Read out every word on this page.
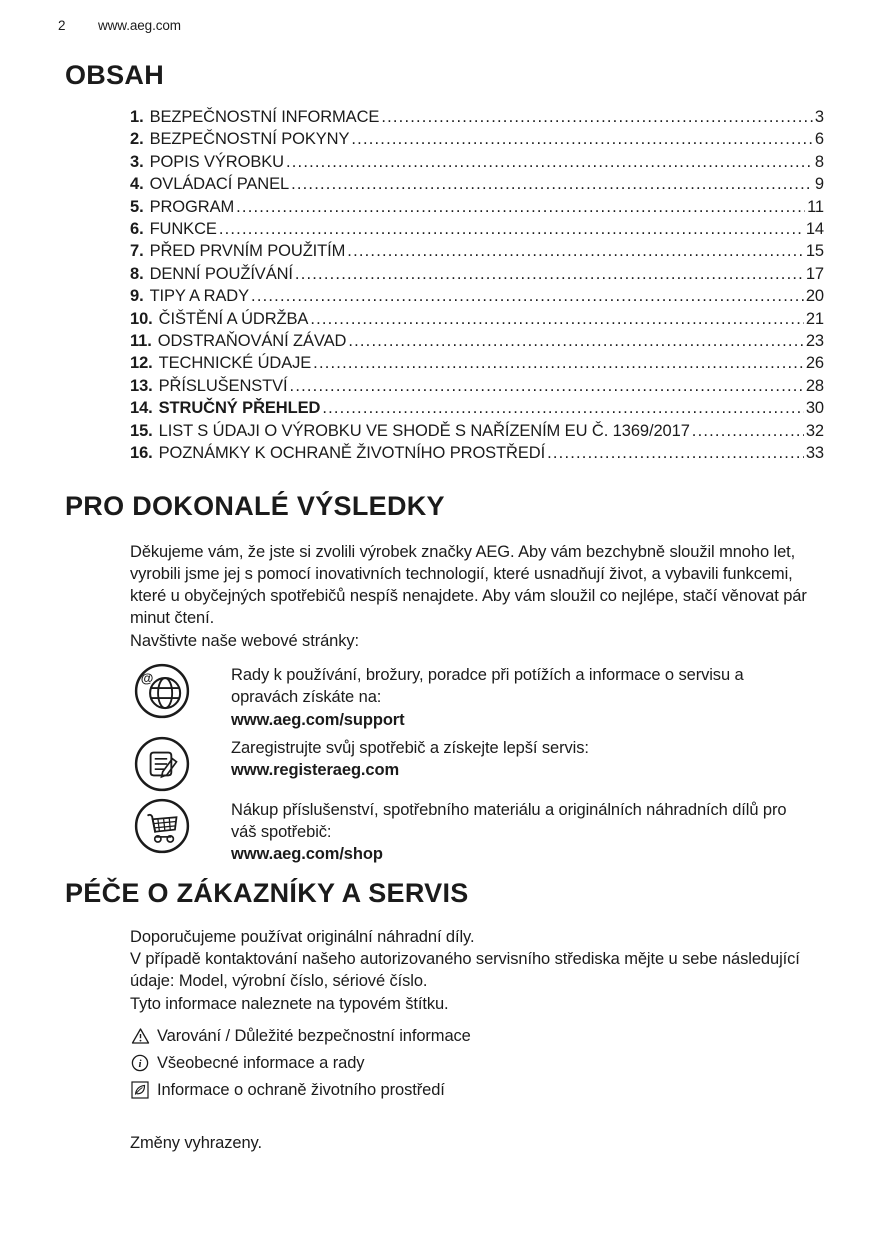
2	www.aeg.com
OBSAH
1. BEZPEČNOSTNÍ INFORMACE .....	3
2. BEZPEČNOSTNÍ POKYNY .....	6
3. POPIS VÝROBKU .....	8
4. OVLÁDACÍ PANEL .....	9
5. PROGRAM .....	11
6. FUNKCE .....	14
7. PŘED PRVNÍM POUŽITÍM .....	15
8. DENNÍ POUŽÍVÁNÍ .....	17
9. TIPY A RADY .....	20
10. ČIŠTĚNÍ A ÚDRŽBA .....	21
11. ODSTRAŇOVÁNÍ ZÁVAD .....	23
12. TECHNICKÉ ÚDAJE .....	26
13. PŘÍSLUŠENSTVÍ .....	28
14. STRUČNÝ PŘEHLED .....	30
15. LIST S ÚDAJI O VÝROBKU VE SHODĚ S NAŘÍZENÍM EU Č. 1369/2017 .....	32
16. POZNÁMKY K OCHRANĚ ŽIVOTNÍHO PROSTŘEDÍ .....	33
PRO DOKONALÉ VÝSLEDKY

Děkujeme vám, že jste si zvolili výrobek značky AEG. Aby vám bezchybně sloužil mnoho let, vyrobili jsme jej s pomocí inovativních technologií, které usnadňují život, a vybavili funkcemi, které u obyčejných spotřebičů nespíš nenajdete. Aby vám sloužil co nejlépe, stačí věnovat pár minut čtení.

Navštivte naše webové stránky:

@	Rady k používání, brožury, poradce při potížích a informace o servisu a opravách získáte na:
www.aeg.com/support
Zaregistrujte svůj spotřebič a získejte lepší servis:
www.registeraeg.com
Nákup příslušenství, spotřebního materiálu a originálních náhradních dílů pro váš spotřebič:
www.aeg.com/shop
PÉČE O ZÁKAZNÍKY A SERVIS

Doporučujeme používat originální náhradní díly.

V případě kontaktování našeho autorizovaného servisního střediska mějte u sebe následující údaje: Model, výrobní číslo, sériové číslo.

Tyto informace naleznete na typovém štítku.

Varování / Důležité bezpečnostní informace
i Všeobecné informace a rady
Informace o ochraně životního prostředí

Změny vyhrazeny.
